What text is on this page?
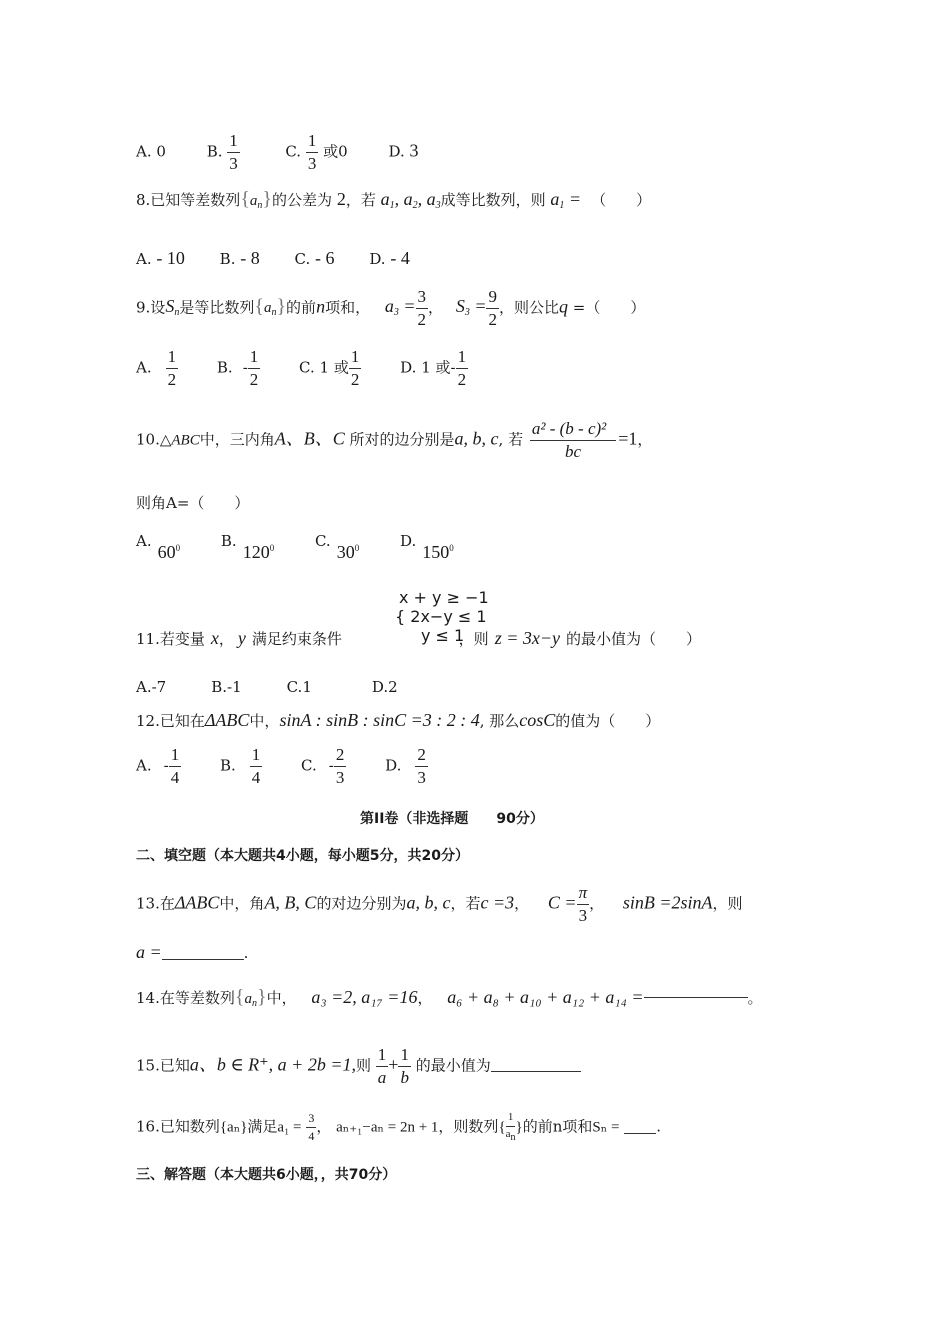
A. 0	B. $\frac{1}{3}$	C. $\frac{1}{3}$ 或0	D. 3
8.已知等差数列$\{a_n\}$的公差为 2，若 $a_1$, $a_2$, $a_3$成等比数列，则 $a_1$ = （　　）
A. - 10 B. - 8 C. - 6 D. - 4
9.设$S_n$是等比数列$\{a_n\}$的前n项和， $a_3 = \frac{3}{2}$ ， $S_3 = \frac{9}{2}$ ，则公比q =（　　）
A. $\frac{1}{2}$	B. - $\frac{1}{2}$	C. 1 或 $\frac{1}{2}$	D. 1 或- $\frac{1}{2}$
10.△ABC中，三内角A、B、C 所对的边分别是a, b, c, 若 $\frac{\text{a² - (b - c)²}}{bc} =1$，
则角A=（　　）
$A.60^0$	B.120$^0$	$C.30^0$	D.150$^0$
x + y ≥ −1
{ 2x−y ≤ 1
y ≤ 1
11.若变量 x， y 满足约束条件	，则 z = 3x−y 的最小值为（　　）
A.-7　　　B.-1　　　C.1　　　　D.2
12.已知在ΔABC中，sinA : sinB : sinC =3 : 2 : 4, 那么cosC的值为（　　）
A. - $\frac{1}{4}$	B. $\frac{1}{4}$	C. - $\frac{2}{3}$	D. $\frac{2}{3}$
第II卷（非选择题　　90分）
二、填空题（本大题共4小题，每小题5分，共20分）
13.在ΔABC中，角A, B, C的对边分别为a, b, c，若c =3， $C = \frac{\pi}{3}$ ， sinB =2sinA，则
a =	.
14.在等差数列$\{a_n\}$中， a₃ =2, a₁₇ =16， a₆ + a₈ + a₁₀ + a₁₂ + a₁₄ =	。
15.已知a、b ∈ R⁺, a + 2b =1,则 $\frac{1}{a} + \frac{1}{b}$ 的最小值为
16.已知数列{aₙ}满足$a_1 = \frac{3}{4}$ ， aₙ₊₁−aₙ = 2n + 1，则数列{ $\frac{1}{an}$ }的前n项和Sₙ = .
三、解答题（本大题共6小题，，共70分）
